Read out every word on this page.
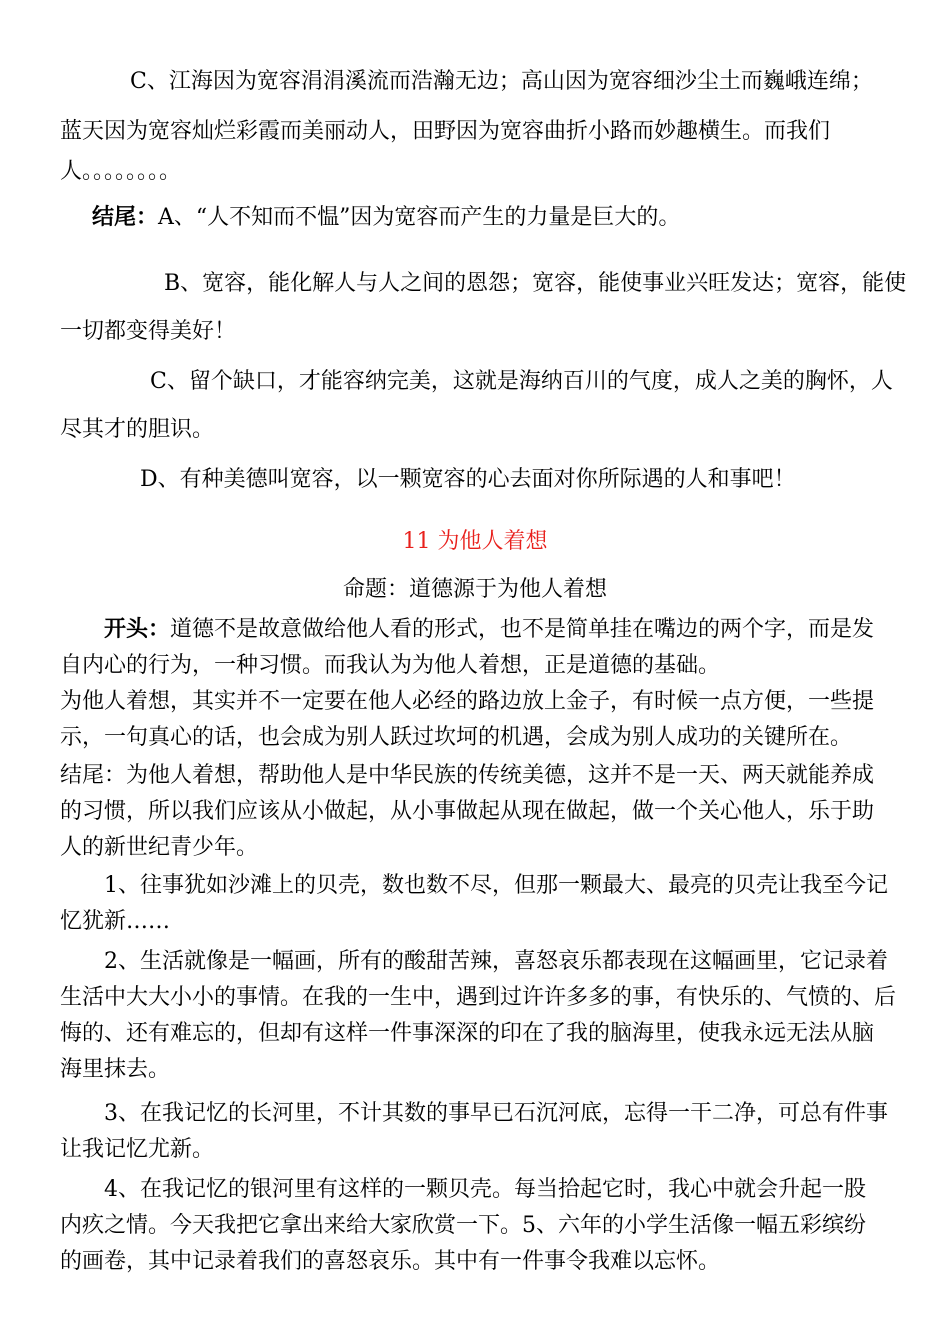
C、江海因为宽容涓涓溪流而浩瀚无边；高山因为宽容细沙尘土而巍峨连绵；

蓝天因为宽容灿烂彩霞而美丽动人，田野因为宽容曲折小路而妙趣横生。而我们

人。。。。。。。。

结尾：A、“人不知而不愠”因为宽容而产生的力量是巨大的。

B、宽容，能化解人与人之间的恩怨；宽容，能使事业兴旺发达；宽容，能使

一切都变得美好！

C、留个缺口，才能容纳完美，这就是海纳百川的气度，成人之美的胸怀，人

尽其才的胆识。

D、有种美德叫宽容，以一颗宽容的心去面对你所际遇的人和事吧！

11 为他人着想

命题：道德源于为他人着想

开头：道德不是故意做给他人看的形式，也不是简单挂在嘴边的两个字，而是发

自内心的行为，一种习惯。而我认为为他人着想，正是道德的基础。

为他人着想，其实并不一定要在他人必经的路边放上金子，有时候一点方便，一些提

示，一句真心的话，也会成为别人跃过坎坷的机遇，会成为别人成功的关键所在。

结尾：为他人着想，帮助他人是中华民族的传统美德，这并不是一天、两天就能养成

的习惯，所以我们应该从小做起，从小事做起从现在做起，做一个关心他人，乐于助

人的新世纪青少年。

1、往事犹如沙滩上的贝壳，数也数不尽，但那一颗最大、最亮的贝壳让我至今记

忆犹新……

2、生活就像是一幅画，所有的酸甜苦辣，喜怒哀乐都表现在这幅画里，它记录着

生活中大大小小的事情。在我的一生中，遇到过许许多多的事，有快乐的、气愤的、后

悔的、还有难忘的，但却有这样一件事深深的印在了我的脑海里，使我永远无法从脑

海里抹去。

3、在我记忆的长河里，不计其数的事早已石沉河底，忘得一干二净，可总有件事

让我记忆尤新。

4、在我记忆的银河里有这样的一颗贝壳。每当拾起它时，我心中就会升起一股

内疚之情。今天我把它拿出来给大家欣赏一下。5、六年的小学生活像一幅五彩缤纷

的画卷，其中记录着我们的喜怒哀乐。其中有一件事令我难以忘怀。
